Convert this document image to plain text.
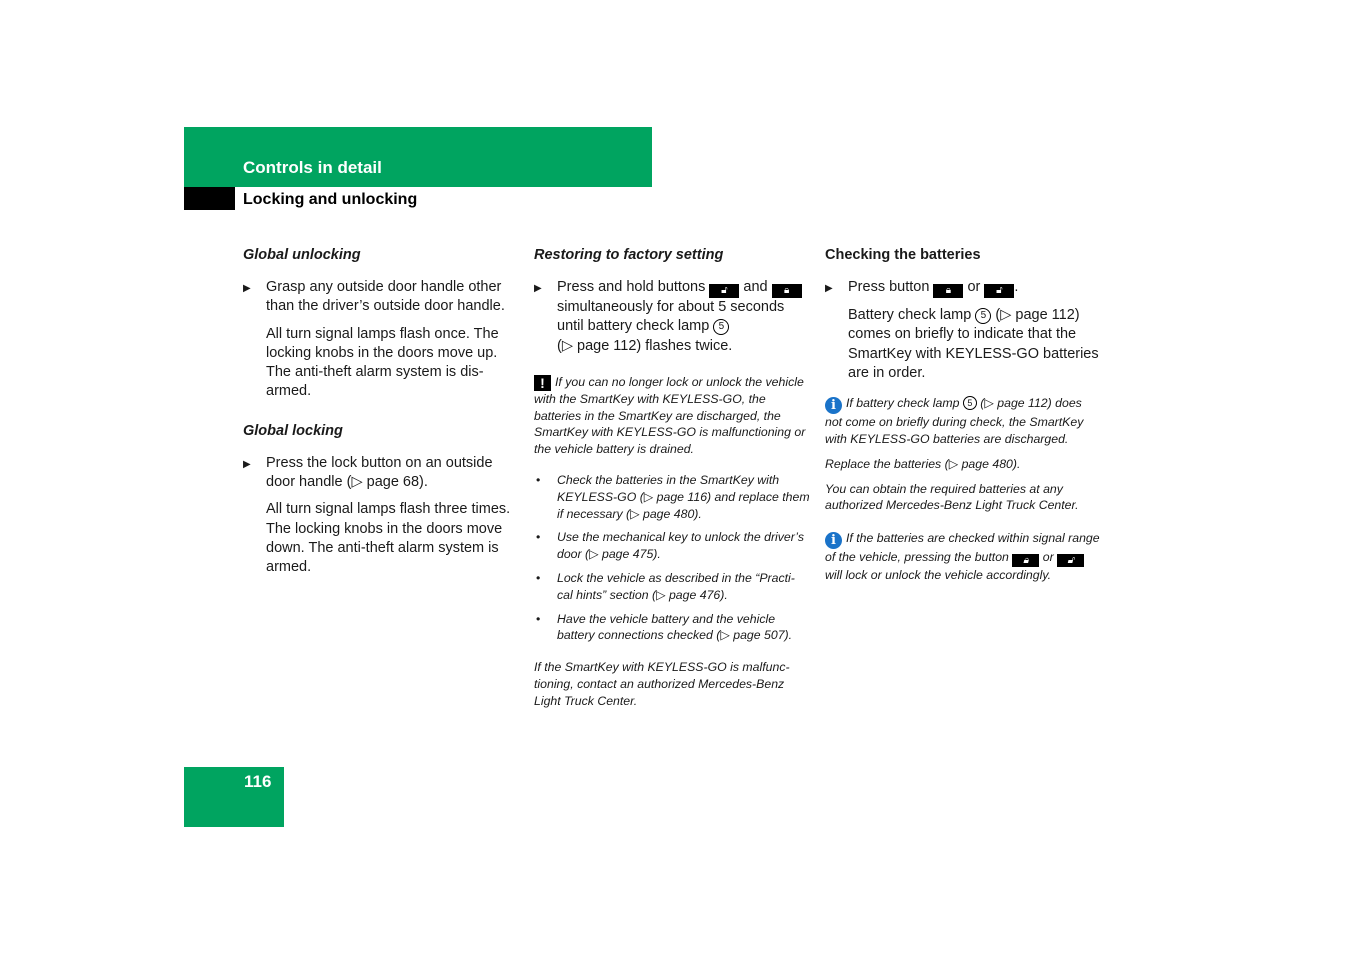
Controls in detail
Locking and unlocking
Global unlocking
▶ Grasp any outside door handle other than the driver’s outside door handle.
All turn signal lamps flash once. The locking knobs in the doors move up. The anti-theft alarm system is dis-armed.
Global locking
▶ Press the lock button on an outside door handle (▷ page 68).
All turn signal lamps flash three times. The locking knobs in the doors move down. The anti-theft alarm system is armed.
Restoring to factory setting
▶ Press and hold buttons 🔓︎ and 🔒︎ simultaneously for about 5 seconds until battery check lamp 5
(▷ page 112) flashes twice.
! If you can no longer lock or unlock the vehicle with the SmartKey with KEYLESS-GO, the batteries in the SmartKey are discharged, the SmartKey with KEYLESS-GO is malfunctioning or the vehicle battery is drained.
• Check the batteries in the SmartKey with KEYLESS-GO (▷ page 116) and replace them if necessary (▷ page 480).
• Use the mechanical key to unlock the driver’s door (▷ page 475).
• Lock the vehicle as described in the “Practi-cal hints” section (▷ page 476).
• Have the vehicle battery and the vehicle battery connections checked (▷ page 507).
If the SmartKey with KEYLESS-GO is malfunc-tioning, contact an authorized Mercedes-Benz Light Truck Center.
Checking the batteries
▶ Press button 🔒︎ or 🔓︎ .
Battery check lamp 5 (▷ page 112) comes on briefly to indicate that the SmartKey with KEYLESS-GO batteries are in order.
i If battery check lamp 5 (▷ page 112) does not come on briefly during check, the SmartKey with KEYLESS-GO batteries are discharged.
Replace the batteries (▷ page 480).
You can obtain the required batteries at any authorized Mercedes-Benz Light Truck Center.
i If the batteries are checked within signal range of the vehicle, pressing the button 🔒︎ or 🔓︎ will lock or unlock the vehicle accordingly.
116
